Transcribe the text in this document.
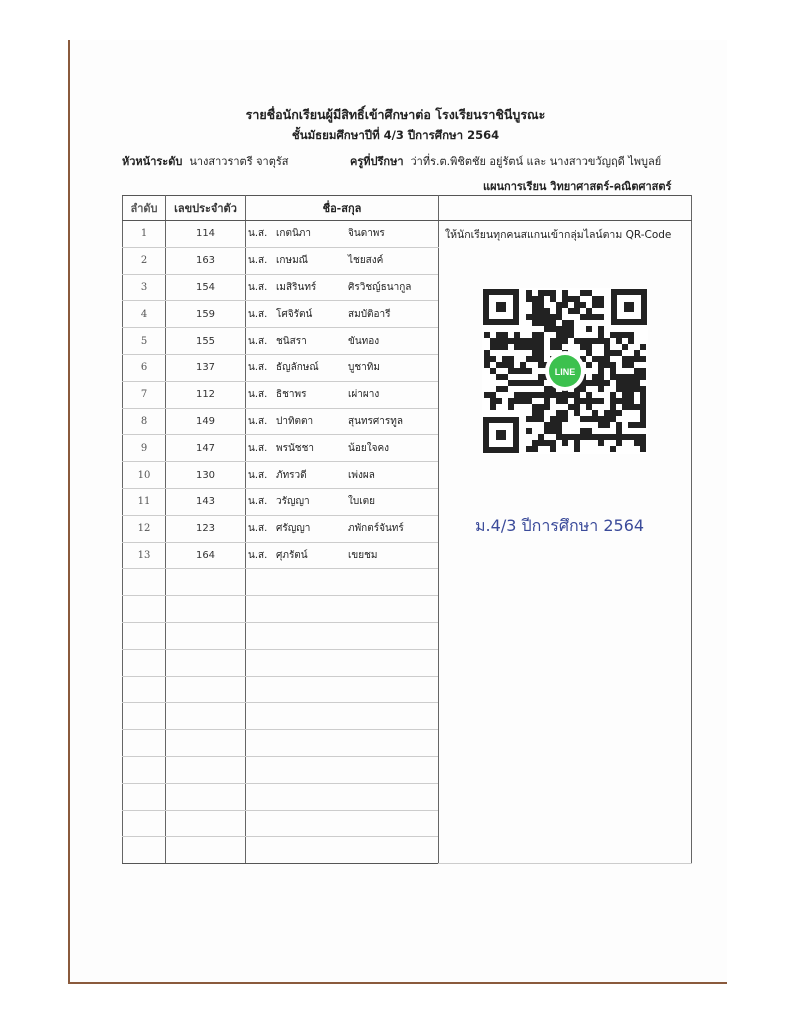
รายชื่อนักเรียนผู้มีสิทธิ์เข้าศึกษาต่อ โรงเรียนราชินีบูรณะ
ชั้นมัธยมศึกษาปีที่ 4/3 ปีการศึกษา 2564
หัวหน้าระดับ นางสาวราตรี จาตุรัส	ครูที่ปรึกษา ว่าที่ร.ต.พิชิตชัย อยู่รัตน์ และ นางสาวขวัญฤดี ไพบูลย์
แผนการเรียน วิทยาศาสตร์-คณิตศาสตร์
ลำดับ	เลขประจำตัว	ชื่อ-สกุล	
1	114	น.ส. เกตนิภา จินดาพร	

2	163	น.ส. เกษมณี ไชยสงค์	

3	154	น.ส. เมสิรินทร์ ศิรวิชญ์ธนากูล	

4	159	น.ส. โศจิรัตน์ สมบัติอารี	

5	155	น.ส. ชนิสรา ขันทอง	

6	137	น.ส. ธัญลักษณ์ บูชาทิม	

7	112	น.ส. ธิชาพร เผ่าผาง	

8	149	น.ส. ปาทิตตา สุนทรศารทูล	

9	147	น.ส. พรนัชชา น้อยใจคง	

10	130	น.ส. ภัทรวดี เพ่งผล	

11	143	น.ส. วรัญญา ใบเตย	

12	123	น.ส. ศรัญญา ภพักตร์จันทร์	

13	164	น.ส. ศุภรัตน์ เขยชม	

ให้นักเรียนทุกคนสแกนเข้ากลุ่มไลน์ตาม QR-Code
LINE
ม.4/3 ปีการศึกษา 2564
